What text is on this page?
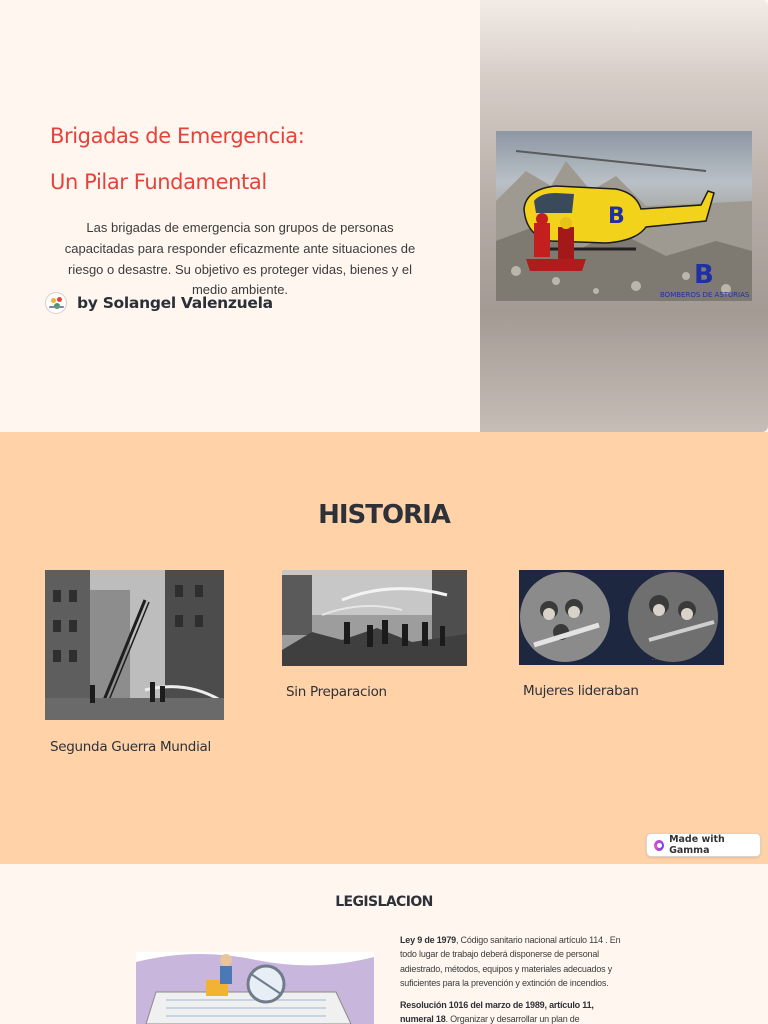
Brigadas de Emergencia:
Un Pilar Fundamental

Las brigadas de emergencia son grupos de personas capacitadas para responder eficazmente ante situaciones de riesgo o desastre. Su objetivo es proteger vidas, bienes y el medio ambiente.

by Solangel Valenzuela
B
B
BOMBEROS DE ASTURIAS
HISTORIA
Segunda Guerra Mundial
Sin Preparacion
· · ·
Mujeres lideraban
Made with Gamma
LEGISLACION

Ley 9 de 1979, Código sanitario nacional artículo 114 . En todo lugar de trabajo deberá disponerse de personal adiestrado, métodos, equipos y materiales adecuados y suficientes para la prevención y extinción de incendios.

Resolución 1016 del marzo de 1989, artículo 11, numeral 18. Organizar y desarrollar un plan de
